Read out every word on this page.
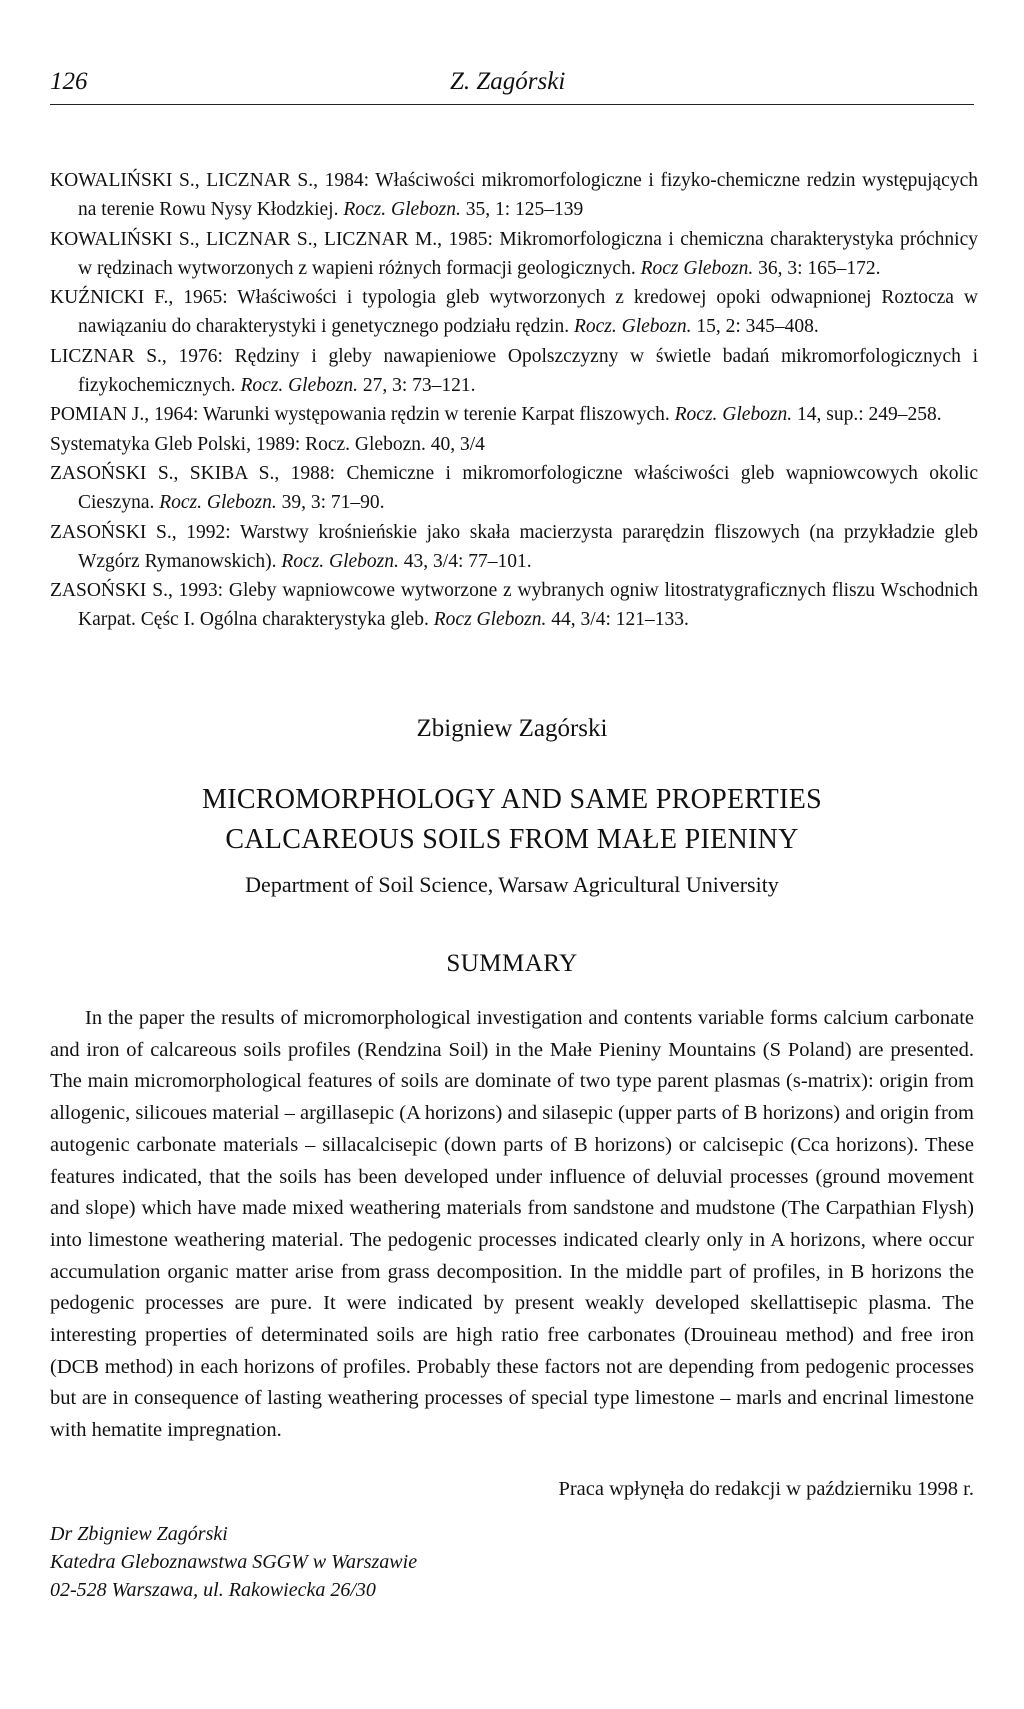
126	Z. Zagórski
KOWALIŃSKI S., LICZNAR S., 1984: Właściwości mikromorfologiczne i fizyko-chemiczne redzin występujących na terenie Rowu Nysy Kłodzkiej. Rocz. Glebozn. 35, 1: 125–139
KOWALIŃSKI S., LICZNAR S., LICZNAR M., 1985: Mikromorfologiczna i chemiczna charakterystyka próchnicy w rędzinach wytworzonych z wapieni różnych formacji geologicznych. Rocz Glebozn. 36, 3: 165–172.
KUŹNICKI F., 1965: Właściwości i typologia gleb wytworzonych z kredowej opoki odwapnionej Roztocza w nawiązaniu do charakterystyki i genetycznego podziału rędzin. Rocz. Glebozn. 15, 2: 345–408.
LICZNAR S., 1976: Rędziny i gleby nawapieniowe Opolszczyzny w świetle badań mikromorfologicznych i fizykochemicznych. Rocz. Glebozn. 27, 3: 73–121.
POMIAN J., 1964: Warunki występowania rędzin w terenie Karpat fliszowych. Rocz. Glebozn. 14, sup.: 249–258.
Systematyka Gleb Polski, 1989: Rocz. Glebozn. 40, 3/4
ZASOŃSKI S., SKIBA S., 1988: Chemiczne i mikromorfologiczne właściwości gleb wapniowcowych okolic Cieszyna. Rocz. Glebozn. 39, 3: 71–90.
ZASOŃSKI S., 1992: Warstwy krośnieńskie jako skała macierzysta pararędzin fliszowych (na przykładzie gleb Wzgórz Rymanowskich). Rocz. Glebozn. 43, 3/4: 77–101.
ZASOŃSKI S., 1993: Gleby wapniowcowe wytworzone z wybranych ogniw litostratygraficznych fliszu Wschodnich Karpat. Cęśc I. Ogólna charakterystyka gleb. Rocz Glebozn. 44, 3/4: 121–133.
Zbigniew Zagórski
MICROMORPHOLOGY AND SAME PROPERTIES
CALCAREOUS SOILS FROM MAŁE PIENINY
Department of Soil Science, Warsaw Agricultural University
SUMMARY
In the paper the results of micromorphological investigation and contents variable forms calcium carbonate and iron of calcareous soils profiles (Rendzina Soil) in the Małe Pieniny Mountains (S Poland) are presented. The main micromorphological features of soils are dominate of two type parent plasmas (s-matrix): origin from allogenic, silicoues material – argillasepic (A horizons) and silasepic (upper parts of B horizons) and origin from autogenic carbonate materials – sillacalcisepic (down parts of B horizons) or calcisepic (Cca horizons). These features indicated, that the soils has been developed under influence of deluvial processes (ground movement and slope) which have made mixed weathering materials from sandstone and mudstone (The Carpathian Flysh) into limestone weathering material. The pedogenic processes indicated clearly only in A horizons, where occur accumulation organic matter arise from grass decomposition. In the middle part of profiles, in B horizons the pedogenic processes are pure. It were indicated by present weakly developed skellattisepic plasma. The interesting properties of determinated soils are high ratio free carbonates (Drouineau method) and free iron (DCB method) in each horizons of profiles. Probably these factors not are depending from pedogenic processes but are in consequence of lasting weathering processes of special type limestone – marls and encrinal limestone with hematite impregnation.
Praca wpłynęła do redakcji w październiku 1998 r.
Dr Zbigniew Zagórski
Katedra Gleboznawstwa SGGW w Warszawie
02-528 Warszawa, ul. Rakowiecka 26/30
